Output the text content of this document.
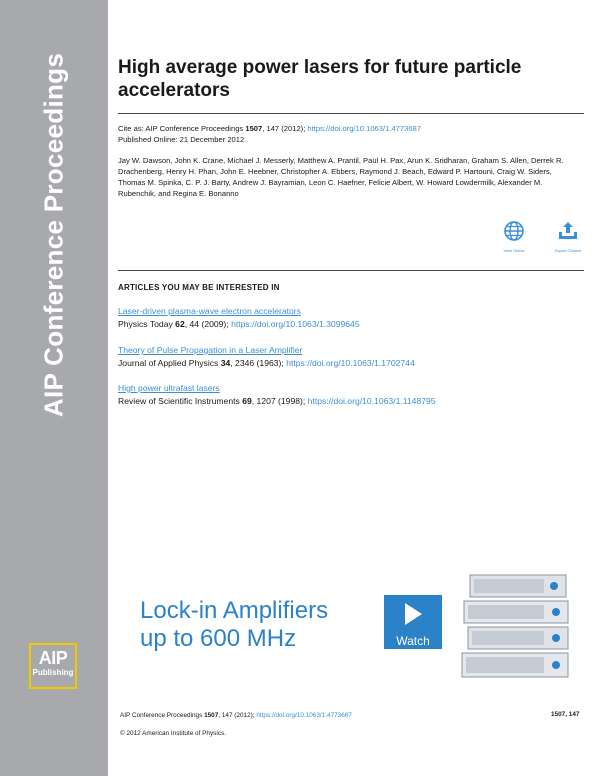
AIP Conference Proceedings
AIP
Publishing
High average power lasers for future particle accelerators
Cite as: AIP Conference Proceedings 1507, 147 (2012); https://doi.org/10.1063/1.4773687
Published Online: 21 December 2012
Jay W. Dawson, John K. Crane, Michael J. Messerly, Matthew A. Prantil, Paul H. Pax, Arun K. Sridharan, Graham S. Allen, Derrek R. Drachenberg, Henry H. Phan, John E. Heebner, Christopher A. Ebbers, Raymond J. Beach, Edward P. Hartouni, Craig W. Siders, Thomas M. Spinka, C. P. J. Barty, Andrew J. Bayramian, Leon C. Haefner, Felicie Albert, W. Howard Lowdermilk, Alexander M. Rubenchik, and Regina E. Bonanno
View Online	Export Citation
ARTICLES YOU MAY BE INTERESTED IN
Laser-driven plasma-wave electron accelerators
Physics Today 62, 44 (2009); https://doi.org/10.1063/1.3099645
Theory of Pulse Propagation in a Laser Amplifier
Journal of Applied Physics 34, 2346 (1963); https://doi.org/10.1063/1.1702744
High power ultrafast lasers
Review of Scientific Instruments 69, 1207 (1998); https://doi.org/10.1063/1.1148795
Lock-in Amplifiers
up to 600 MHz	Watch
AIP Conference Proceedings 1507, 147 (2012); https://doi.org/10.1063/1.4773687	1507, 147
© 2012 American Institute of Physics.
